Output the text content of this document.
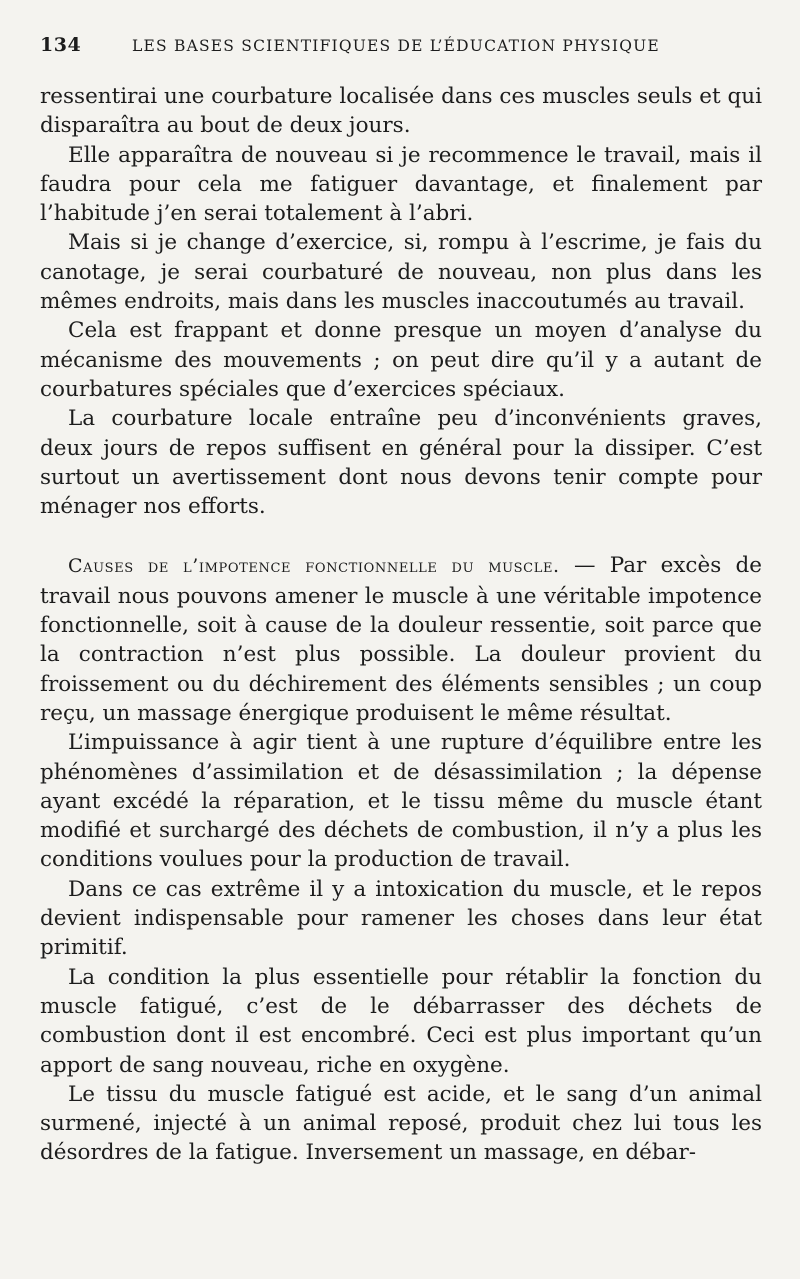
134	LES BASES SCIENTIFIQUES DE L’ÉDUCATION PHYSIQUE

ressentirai une courbature localisée dans ces muscles seuls et qui disparaîtra au bout de deux jours.

Elle apparaîtra de nouveau si je recommence le travail, mais il faudra pour cela me fatiguer davantage, et finalement par l’habitude j’en serai totalement à l’abri.

Mais si je change d’exercice, si, rompu à l’escrime, je fais du canotage, je serai courbaturé de nouveau, non plus dans les mêmes endroits, mais dans les muscles inaccoutumés au travail.

Cela est frappant et donne presque un moyen d’analyse du mécanisme des mouvements ; on peut dire qu’il y a autant de courbatures spéciales que d’exercices spéciaux.

La courbature locale entraîne peu d’inconvénients graves, deux jours de repos suffisent en général pour la dissiper. C’est surtout un avertissement dont nous devons tenir compte pour ménager nos efforts.

Causes de l’impotence fonctionnelle du muscle. — Par excès de travail nous pouvons amener le muscle à une véritable impotence fonctionnelle, soit à cause de la douleur ressentie, soit parce que la contraction n’est plus possible. La douleur provient du froissement ou du déchirement des éléments sensibles ; un coup reçu, un massage énergique produisent le même résultat.

L’impuissance à agir tient à une rupture d’équilibre entre les phénomènes d’assimilation et de désassimilation ; la dépense ayant excédé la réparation, et le tissu même du muscle étant modifié et surchargé des déchets de combustion, il n’y a plus les conditions voulues pour la production de travail.

Dans ce cas extrême il y a intoxication du muscle, et le repos devient indispensable pour ramener les choses dans leur état primitif.

La condition la plus essentielle pour rétablir la fonction du muscle fatigué, c’est de le débarrasser des déchets de combustion dont il est encombré. Ceci est plus important qu’un apport de sang nouveau, riche en oxygène.

Le tissu du muscle fatigué est acide, et le sang d’un animal surmené, injecté à un animal reposé, produit chez lui tous les désordres de la fatigue. Inversement un massage, en débar-
